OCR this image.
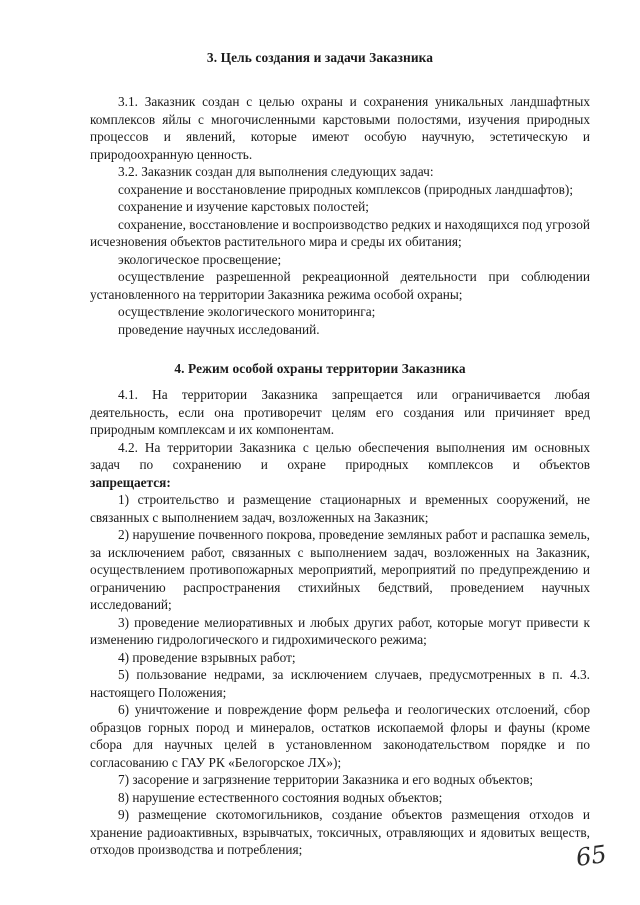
3. Цель создания и задачи Заказника

3.1. Заказник создан с целью охраны и сохранения уникальных ландшафтных комплексов яйлы с многочисленными карстовыми полостями, изучения природных процессов и явлений, которые имеют особую научную, эстетическую и природоохранную ценность.

3.2. Заказник создан для выполнения следующих задач:

сохранение и восстановление природных комплексов (природных ландшафтов);

сохранение и изучение карстовых полостей;

сохранение, восстановление и воспроизводство редких и находящихся под угрозой исчезновения объектов растительного мира и среды их обитания;

экологическое просвещение;

осуществление разрешенной рекреационной деятельности при соблюдении установленного на территории Заказника режима особой охраны;

осуществление экологического мониторинга;

проведение научных исследований.

4. Режим особой охраны территории Заказника

4.1. На территории Заказника запрещается или ограничивается любая деятельность, если она противоречит целям его создания или причиняет вред природным комплексам и их компонентам.

4.2. На территории Заказника с целью обеспечения выполнения им основных задач по сохранению и охране природных комплексов и объектов

запрещается:

1) строительство и размещение стационарных и временных сооружений, не связанных с выполнением задач, возложенных на Заказник;

2) нарушение почвенного покрова, проведение земляных работ и распашка земель, за исключением работ, связанных с выполнением задач, возложенных на Заказник, осуществлением противопожарных мероприятий, мероприятий по предупреждению и ограничению распространения стихийных бедствий, проведением научных исследований;

3) проведение мелиоративных и любых других работ, которые могут привести к изменению гидрологического и гидрохимического режима;

4) проведение взрывных работ;

5) пользование недрами, за исключением случаев, предусмотренных в п. 4.3. настоящего Положения;

6) уничтожение и повреждение форм рельефа и геологических отслоений, сбор образцов горных пород и минералов, остатков ископаемой флоры и фауны (кроме сбора для научных целей в установленном законодательством порядке и по согласованию с ГАУ РК «Белогорское ЛХ»);

7) засорение и загрязнение территории Заказника и его водных объектов;

8) нарушение естественного состояния водных объектов;

9) размещение скотомогильников, создание объектов размещения отходов и хранение радиоактивных, взрывчатых, токсичных, отравляющих и ядовитых веществ, отходов производства и потребления;	65
